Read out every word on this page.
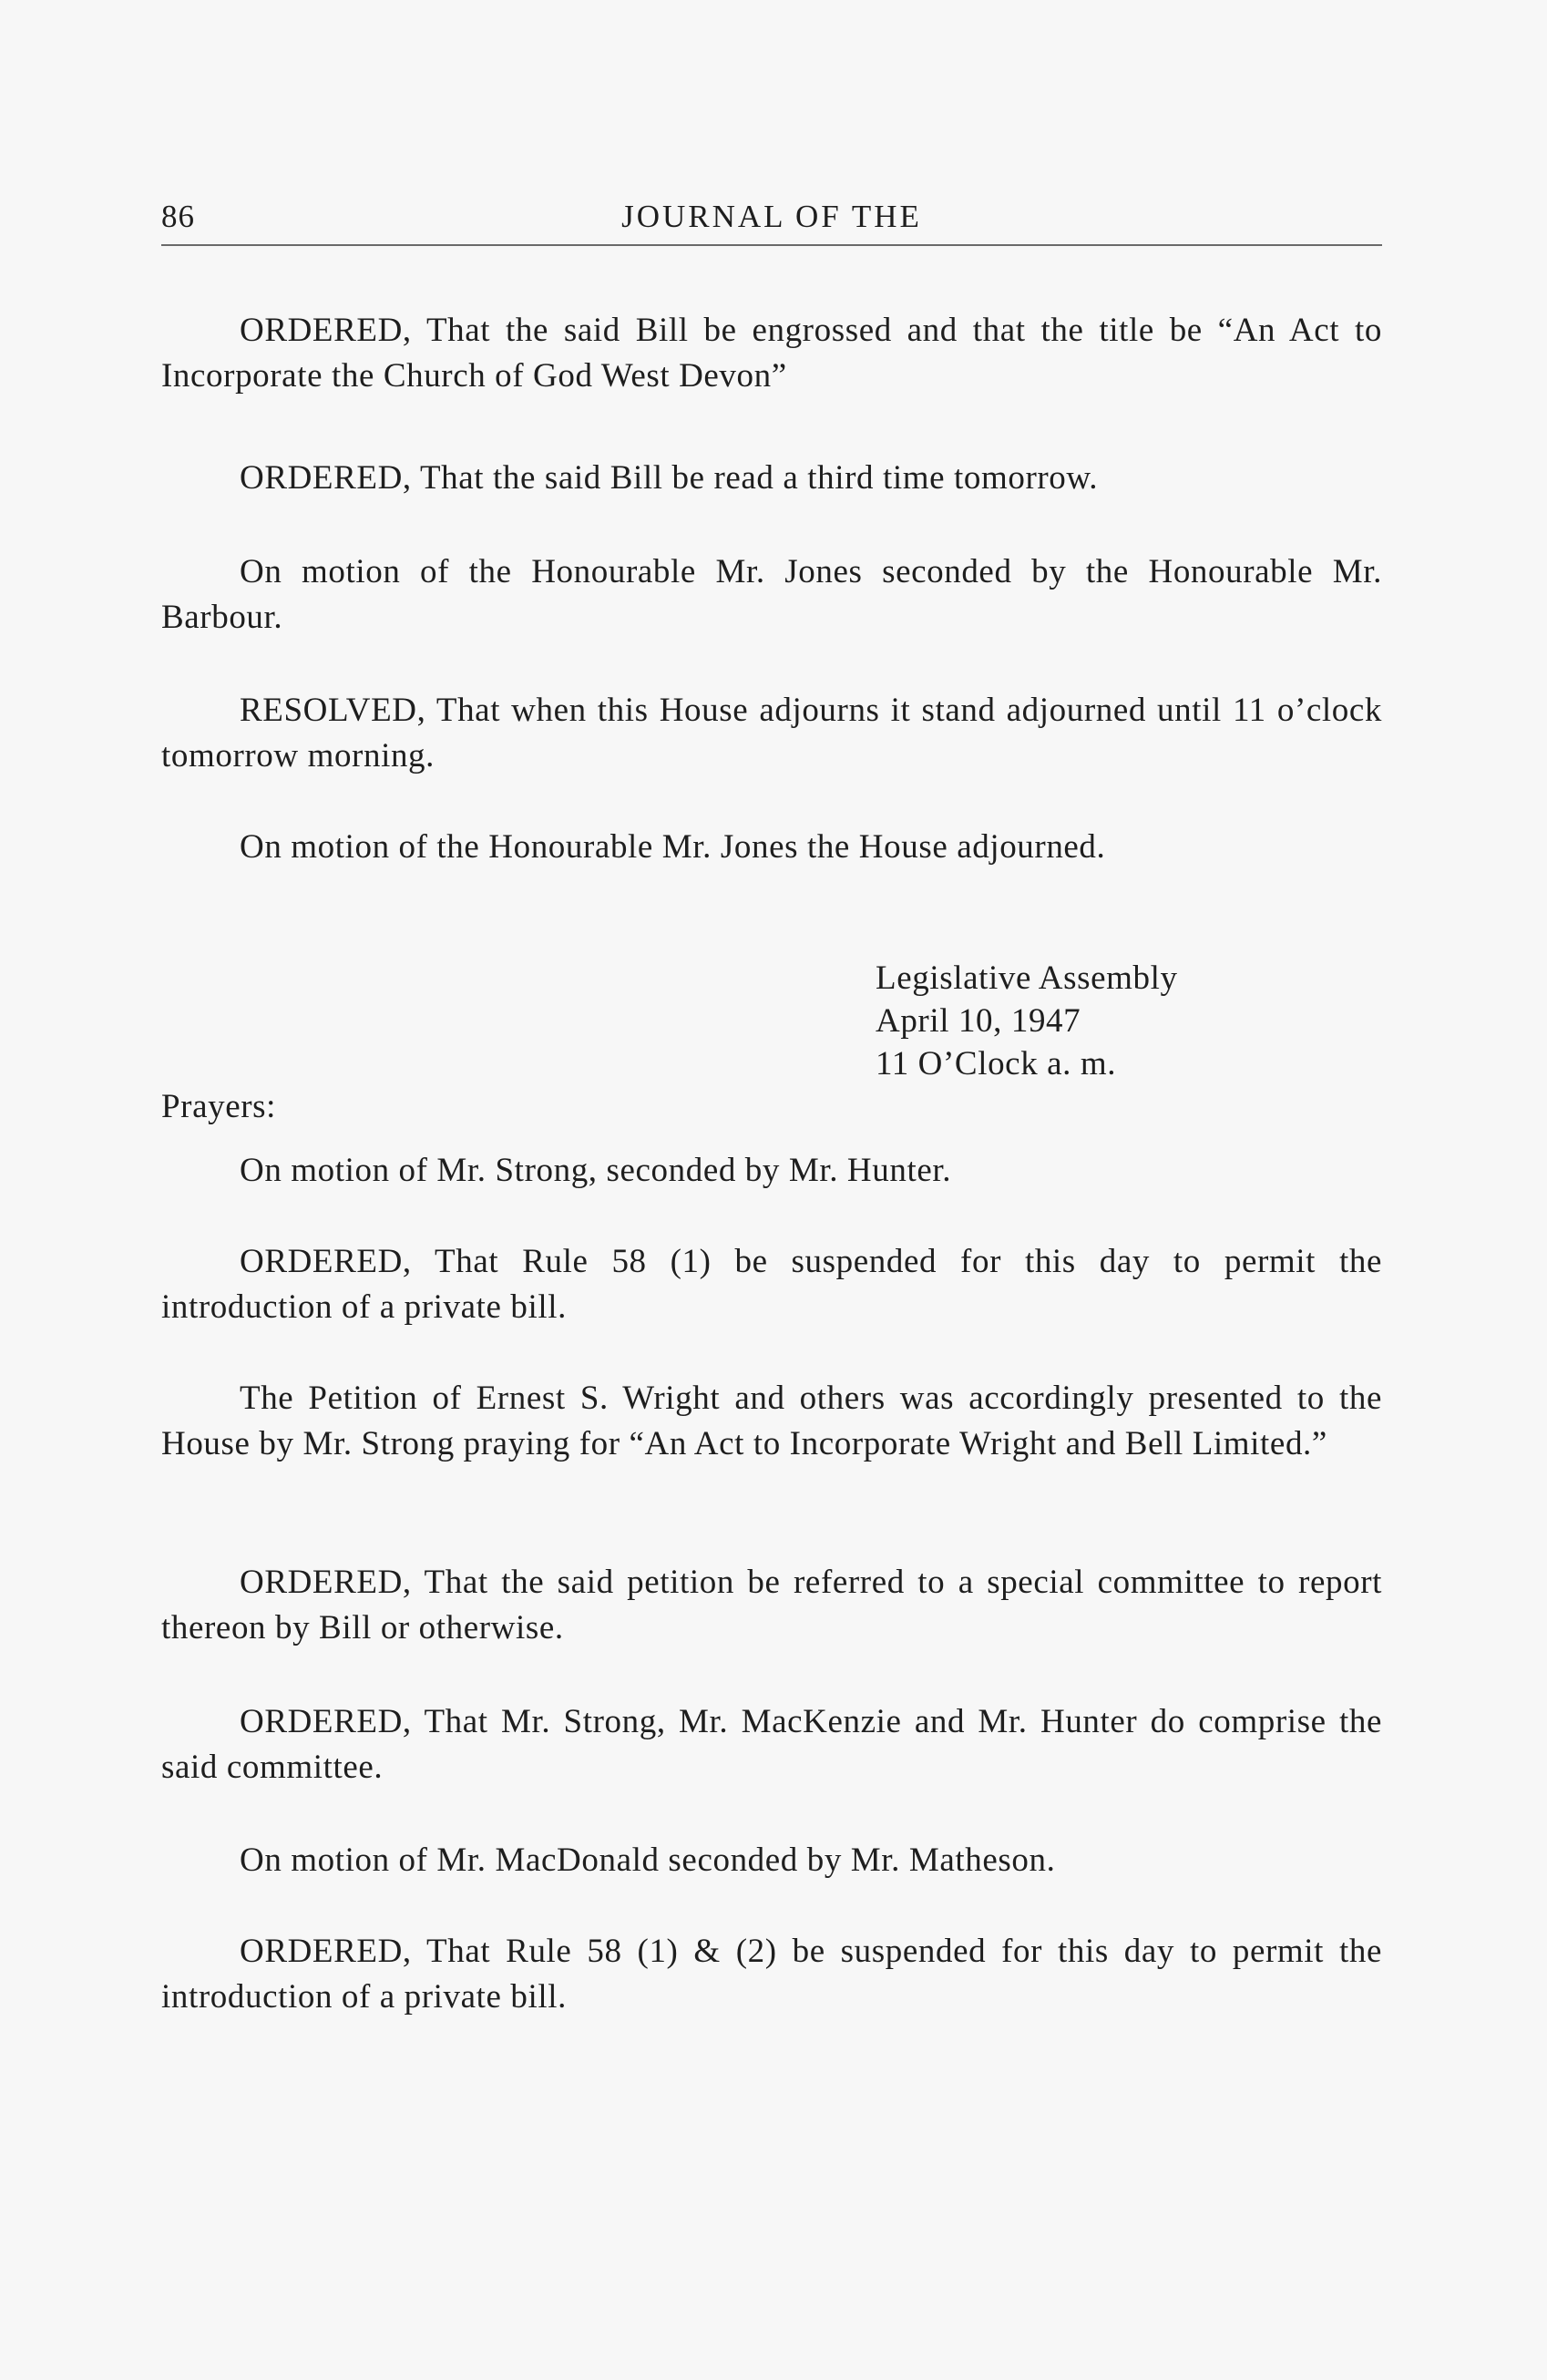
86	JOURNAL OF THE

ORDERED, That the said Bill be engrossed and that the title be “An Act to Incorporate the Church of God West Devon”

ORDERED, That the said Bill be read a third time tomorrow.

On motion of the Honourable Mr. Jones seconded by the Honourable Mr. Barbour.

RESOLVED, That when this House adjourns it stand adjourned until 11 o’clock tomorrow morning.

On motion of the Honourable Mr. Jones the House adjourned.

Legislative Assembly
April 10, 1947
11 O’Clock a. m.

Prayers:

On motion of Mr. Strong, seconded by Mr. Hunter.

ORDERED, That Rule 58 (1) be suspended for this day to permit the introduction of a private bill.

The Petition of Ernest S. Wright and others was accordingly presented to the House by Mr. Strong praying for “An Act to Incorporate Wright and Bell Limited.”

ORDERED, That the said petition be referred to a special committee to report thereon by Bill or otherwise.

ORDERED, That Mr. Strong, Mr. MacKenzie and Mr. Hunter do comprise the said committee.

On motion of Mr. MacDonald seconded by Mr. Matheson.

ORDERED, That Rule 58 (1) & (2) be suspended for this day to permit the introduction of a private bill.
